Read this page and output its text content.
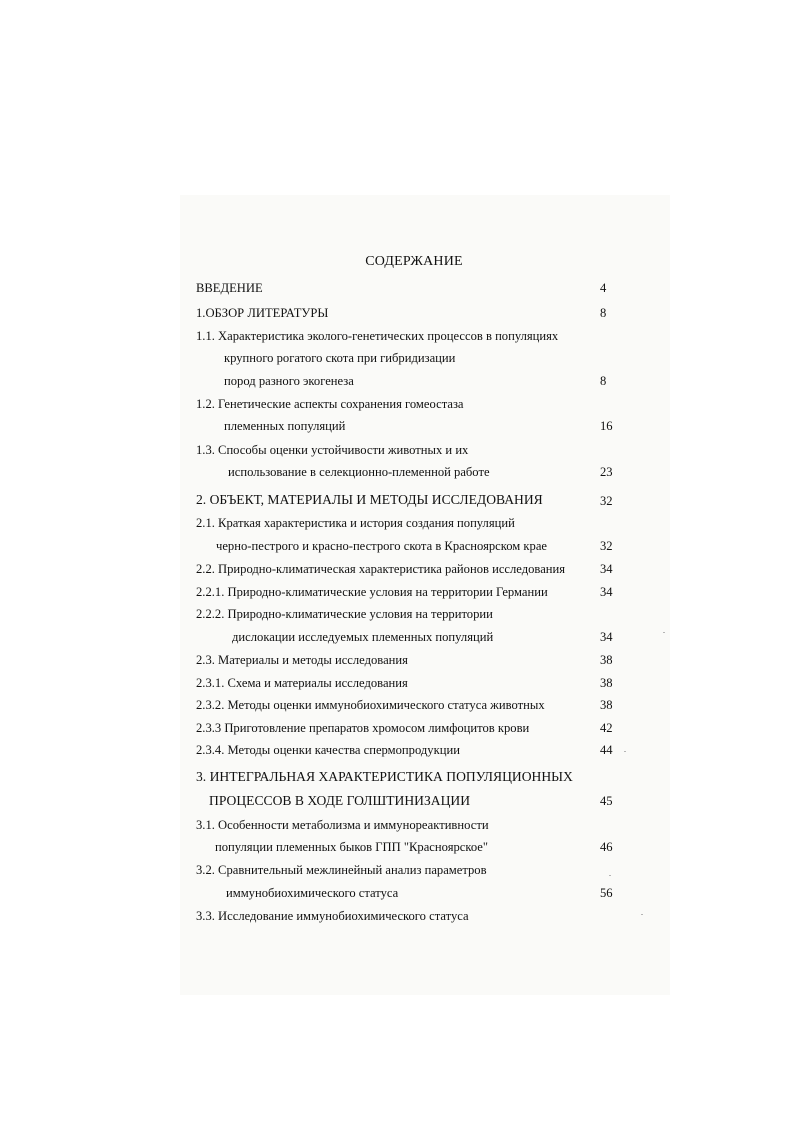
СОДЕРЖАНИЕ
ВВЕДЕНИЕ	4
1.ОБЗОР ЛИТЕРАТУРЫ	8
1.1. Характеристика эколого-генетических процессов в популяциях
крупного рогатого скота при гибридизации
пород разного экогенеза	8
1.2. Генетические аспекты сохранения гомеостаза
племенных популяций	16
1.3. Способы оценки устойчивости животных и их
использование в селекционно-племенной работе	23
2. ОБЪЕКТ, МАТЕРИАЛЫ И МЕТОДЫ ИССЛЕДОВАНИЯ	32
2.1. Краткая характеристика и история создания популяций
черно-пестрого и красно-пестрого скота в Красноярском крае	32
2.2. Природно-климатическая характеристика районов исследования	34
2.2.1. Природно-климатические условия на территории Германии	34
2.2.2. Природно-климатические условия на территории
дислокации исследуемых племенных популяций	34
2.3. Материалы и методы исследования	38
2.3.1. Схема и материалы исследования	38
2.3.2. Методы оценки иммунобиохимического статуса животных	38
2.3.3 Приготовление препаратов хромосом лимфоцитов крови	42
2.3.4. Методы оценки качества спермопродукции	44
3. ИНТЕГРАЛЬНАЯ ХАРАКТЕРИСТИКА ПОПУЛЯЦИОННЫХ
ПРОЦЕССОВ В ХОДЕ ГОЛШТИНИЗАЦИИ	45
3.1. Особенности метаболизма и иммунореактивности
популяции племенных быков ГПП "Красноярское"	46
3.2. Сравнительный межлинейный анализ параметров
иммунобиохимического статуса	56
3.3. Исследование иммунобиохимического статуса
